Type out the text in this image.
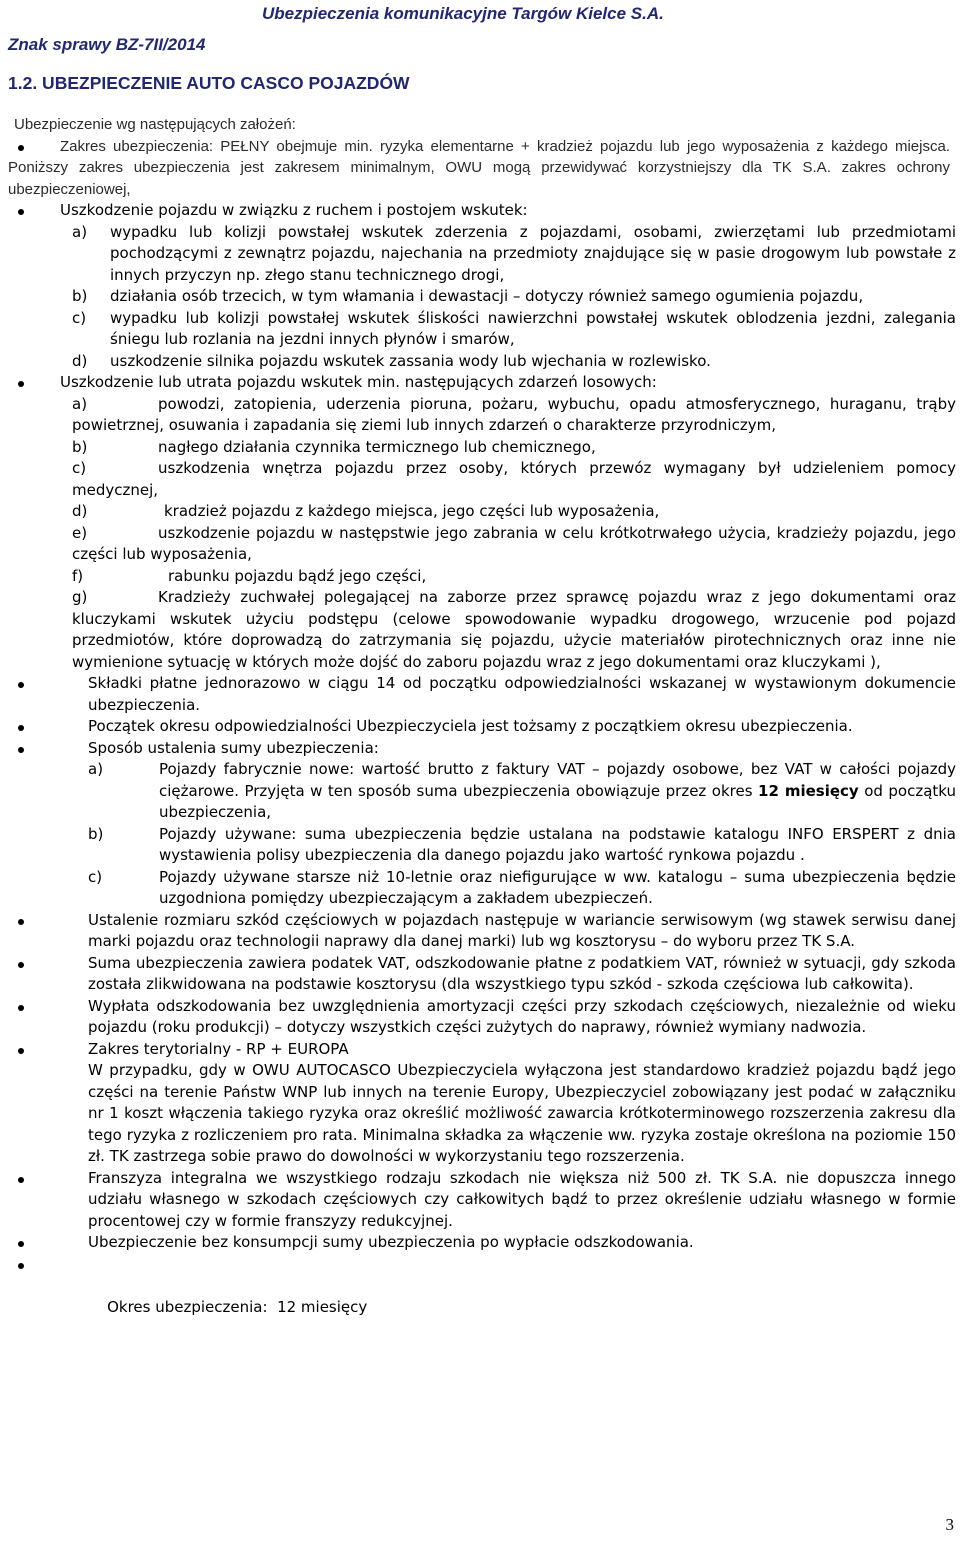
Ubezpieczenia komunikacyjne Targów Kielce S.A.
Znak sprawy BZ-7II/2014
1.2. UBEZPIECZENIE AUTO CASCO POJAZDÓW
Ubezpieczenie wg następujących założeń:
Zakres ubezpieczenia: PEŁNY obejmuje min. ryzyka elementarne + kradzież pojazdu lub jego wyposażenia z każdego miejsca. Poniższy zakres ubezpieczenia jest zakresem minimalnym, OWU mogą przewidywać korzystniejszy dla TK S.A. zakres ochrony ubezpieczeniowej,
Uszkodzenie pojazdu w związku z ruchem i postojem wskutek:
a) wypadku lub kolizji powstałej wskutek zderzenia z pojazdami, osobami, zwierzętami lub przedmiotami pochodzącymi z zewnątrz pojazdu, najechania na przedmioty znajdujące się w pasie drogowym lub powstałe z innych przyczyn np. złego stanu technicznego drogi,
b) działania osób trzecich, w tym włamania i dewastacji – dotyczy również samego ogumienia pojazdu,
c) wypadku lub kolizji powstałej wskutek śliskości nawierzchni powstałej wskutek oblodzenia jezdni, zalegania śniegu lub rozlania na jezdni innych płynów i smarów,
d) uszkodzenie silnika pojazdu wskutek zassania wody lub wjechania w rozlewisko.
Uszkodzenie lub utrata pojazdu wskutek min. następujących zdarzeń losowych:
a)	powodzi, zatopienia, uderzenia pioruna, pożaru, wybuchu, opadu atmosferycznego, huraganu, trąby powietrznej, osuwania i zapadania się ziemi lub innych zdarzeń o charakterze przyrodniczym,
b)	nagłego działania czynnika termicznego lub chemicznego,
c)	uszkodzenia wnętrza pojazdu przez osoby, których przewóz wymagany był udzieleniem pomocy medycznej,
d)	kradzież pojazdu z każdego miejsca, jego części lub wyposażenia,
e)	uszkodzenie pojazdu w następstwie jego zabrania w celu krótkotrwałego użycia, kradzieży pojazdu, jego części lub wyposażenia,
f)	rabunku pojazdu bądź jego części,
g)	Kradzieży zuchwałej polegającej na zaborze przez sprawcę pojazdu wraz z jego dokumentami oraz kluczykami wskutek użyciu podstępu (celowe spowodowanie wypadku drogowego, wrzucenie pod pojazd przedmiotów, które doprowadzą do zatrzymania się pojazdu, użycie materiałów pirotechnicznych oraz inne nie wymienione sytuację w których może dojść do zaboru pojazdu wraz z jego dokumentami oraz kluczykami ),
Składki płatne jednorazowo w ciągu 14 od początku odpowiedzialności wskazanej w wystawionym dokumencie ubezpieczenia.
Początek okresu odpowiedzialności Ubezpieczyciela jest tożsamy z początkiem okresu ubezpieczenia.
Sposób ustalenia sumy ubezpieczenia:
a)	Pojazdy fabrycznie nowe: wartość brutto z faktury VAT – pojazdy osobowe, bez VAT w całości pojazdy ciężarowe. Przyjęta w ten sposób suma ubezpieczenia obowiązuje przez okres 12 miesięcy od początku ubezpieczenia,
b)	Pojazdy używane: suma ubezpieczenia będzie ustalana na podstawie katalogu INFO ERSPERT z dnia wystawienia polisy ubezpieczenia dla danego pojazdu jako wartość rynkowa pojazdu .
c)	Pojazdy używane starsze niż 10-letnie oraz niefigurujące w ww. katalogu – suma ubezpieczenia będzie uzgodniona pomiędzy ubezpieczającym a zakładem ubezpieczeń.
Ustalenie rozmiaru szkód częściowych w pojazdach następuje w wariancie serwisowym (wg stawek serwisu danej marki pojazdu oraz technologii naprawy dla danej marki) lub wg kosztorysu – do wyboru przez TK S.A.
Suma ubezpieczenia zawiera podatek VAT, odszkodowanie płatne z podatkiem VAT, również w sytuacji, gdy szkoda została zlikwidowana na podstawie kosztorysu (dla wszystkiego typu szkód - szkoda częściowa lub całkowita).
Wypłata odszkodowania bez uwzględnienia amortyzacji części przy szkodach częściowych, niezależnie od wieku pojazdu (roku produkcji) – dotyczy wszystkich części zużytych do naprawy, również wymiany nadwozia.
Zakres terytorialny - RP + EUROPA
W przypadku, gdy w OWU AUTOCASCO Ubezpieczyciela wyłączona jest standardowo kradzież pojazdu bądź jego części na terenie Państw WNP lub innych na terenie Europy, Ubezpieczyciel zobowiązany jest podać w załączniku nr 1 koszt włączenia takiego ryzyka oraz określić możliwość zawarcia krótkoterminowego rozszerzenia zakresu dla tego ryzyka z rozliczeniem pro rata. Minimalna składka za włączenie ww. ryzyka zostaje określona na poziomie 150 zł. TK zastrzega sobie prawo do dowolności w wykorzystaniu tego rozszerzenia.
Franszyza integralna we wszystkiego rodzaju szkodach nie większa niż 500 zł. TK S.A. nie dopuszcza innego udziału własnego w szkodach częściowych czy całkowitych bądź to przez określenie udziału własnego w formie procentowej czy w formie franszyzy redukcyjnej.
Ubezpieczenie bez konsumpcji sumy ubezpieczenia po wypłacie odszkodowania.

Okres ubezpieczenia:  12 miesięcy

3
